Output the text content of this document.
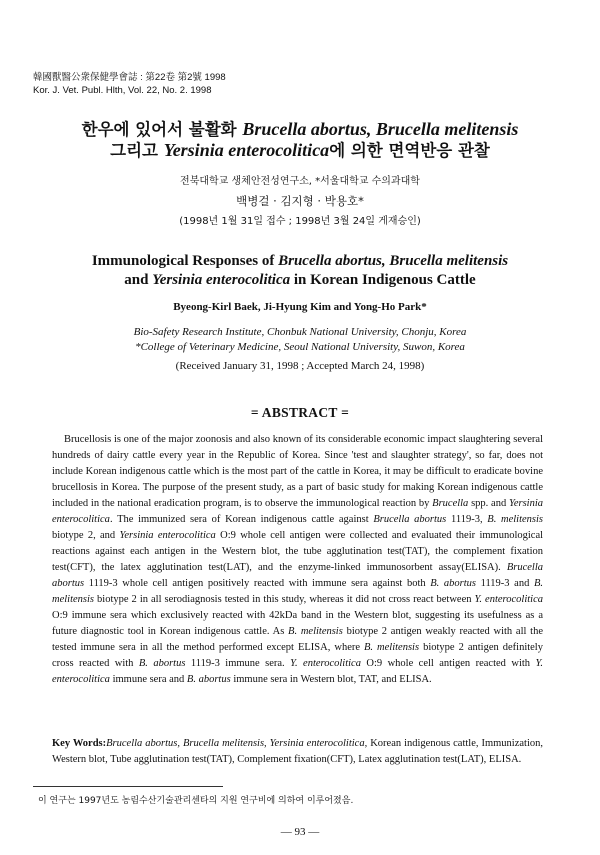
韓國獸醫公衆保健學會誌 : 第22卷 第2號 1998
Kor. J. Vet. Publ. Hlth, Vol. 22, No. 2. 1998
한우에 있어서 불활화 Brucella abortus, Brucella melitensis
그리고 Yersinia enterocolitica에 의한 면역반응 관찰
전북대학교 생체안전성연구소, *서울대학교 수의과대학
백병걸 · 김지형 · 박용호*
(1998년 1월 31일 접수 ; 1998년 3월 24일 게재승인)
Immunological Responses of Brucella abortus, Brucella melitensis
and Yersinia enterocolitica in Korean Indigenous Cattle
Byeong-Kirl Baek, Ji-Hyung Kim and Yong-Ho Park*
Bio-Safety Research Institute, Chonbuk National University, Chonju, Korea
*College of Veterinary Medicine, Seoul National University, Suwon, Korea
(Received January 31, 1998 ; Accepted March 24, 1998)
= ABSTRACT =

Brucellosis is one of the major zoonosis and also known of its considerable economic impact slaughtering several hundreds of dairy cattle every year in the Republic of Korea. Since 'test and slaughter strategy', so far, does not include Korean indigenous cattle which is the most part of the cattle in Korea, it may be difficult to eradicate bovine brucellosis in Korea. The purpose of the present study, as a part of basic study for making Korean indigenous cattle included in the national eradication program, is to observe the immunological reaction by Brucella spp. and Yersinia enterocolitica. The immunized sera of Korean indigenous cattle against Brucella abortus 1119-3, B. melitensis biotype 2, and Yersinia enterocolitica O:9 whole cell antigen were collected and evaluated their immunological reactions against each antigen in the Western blot, the tube agglutination test(TAT), the complement fixation test(CFT), the latex agglutination test(LAT), and the enzyme-linked immunosorbent assay(ELISA). Brucella abortus 1119-3 whole cell antigen positively reacted with immune sera against both B. abortus 1119-3 and B. melitensis biotype 2 in all serodiagnosis tested in this study, whereas it did not cross react between Y. enterocolitica O:9 immune sera which exclusively reacted with 42kDa band in the Western blot, suggesting its usefulness as a future diagnostic tool in Korean indigenous cattle. As B. melitensis biotype 2 antigen weakly reacted with all the tested immune sera in all the method performed except ELISA, where B. melitensis biotype 2 antigen definitely cross reacted with B. abortus 1119-3 immune sera. Y. enterocolitica O:9 whole cell antigen reacted with Y. enterocolitica immune sera and B. abortus immune sera in Western blot, TAT, and ELISA.

Key Words:Brucella abortus, Brucella melitensis, Yersinia enterocolitica, Korean indigenous cattle, Immunization, Western blot, Tube agglutination test(TAT), Complement fixation(CFT), Latex agglutination test(LAT), ELISA.

이 연구는 1997년도 농림수산기술관리센타의 지원 연구비에 의하여 이루어졌음.
— 93 —
